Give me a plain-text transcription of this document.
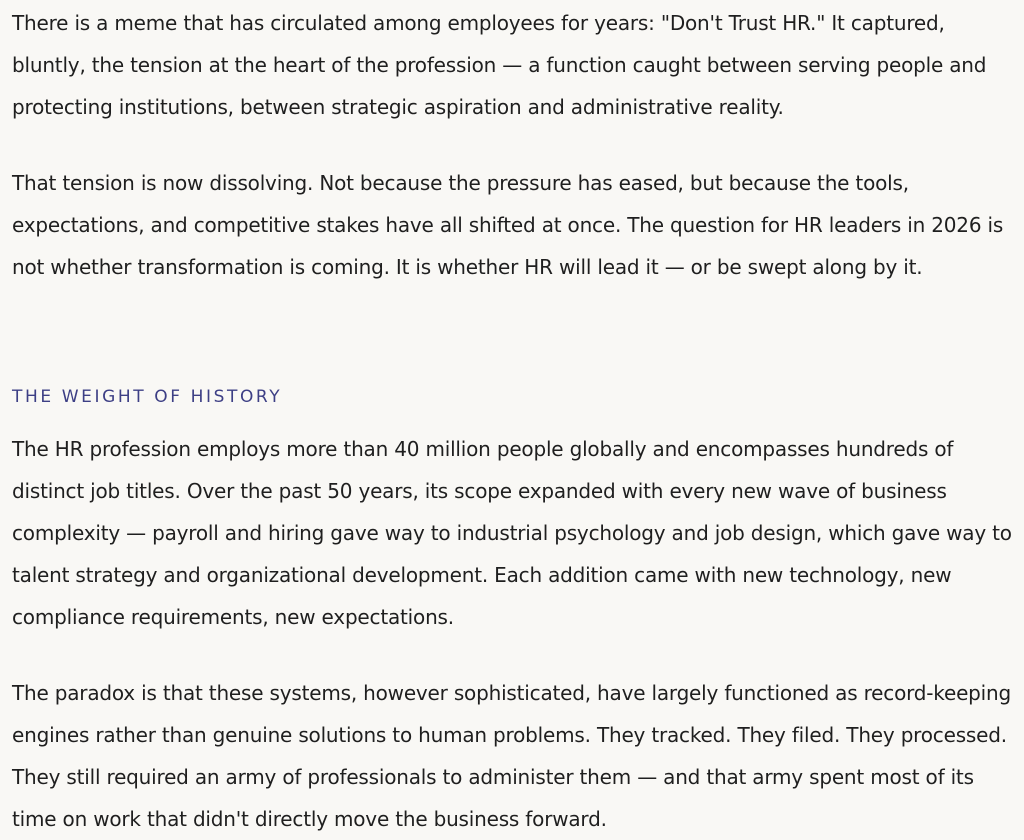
There is a meme that has circulated among employees for years: "Don't Trust HR." It captured, bluntly, the tension at the heart of the profession — a function caught between serving people and protecting institutions, between strategic aspiration and administrative reality.

That tension is now dissolving. Not because the pressure has eased, but because the tools, expectations, and competitive stakes have all shifted at once. The question for HR leaders in 2026 is not whether transformation is coming. It is whether HR will lead it — or be swept along by it.

THE WEIGHT OF HISTORY

The HR profession employs more than 40 million people globally and encompasses hundreds of distinct job titles. Over the past 50 years, its scope expanded with every new wave of business complexity — payroll and hiring gave way to industrial psychology and job design, which gave way to talent strategy and organizational development. Each addition came with new technology, new compliance requirements, new expectations.

The paradox is that these systems, however sophisticated, have largely functioned as record-keeping engines rather than genuine solutions to human problems. They tracked. They filed. They processed. They still required an army of professionals to administer them — and that army spent most of its time on work that didn't directly move the business forward.
